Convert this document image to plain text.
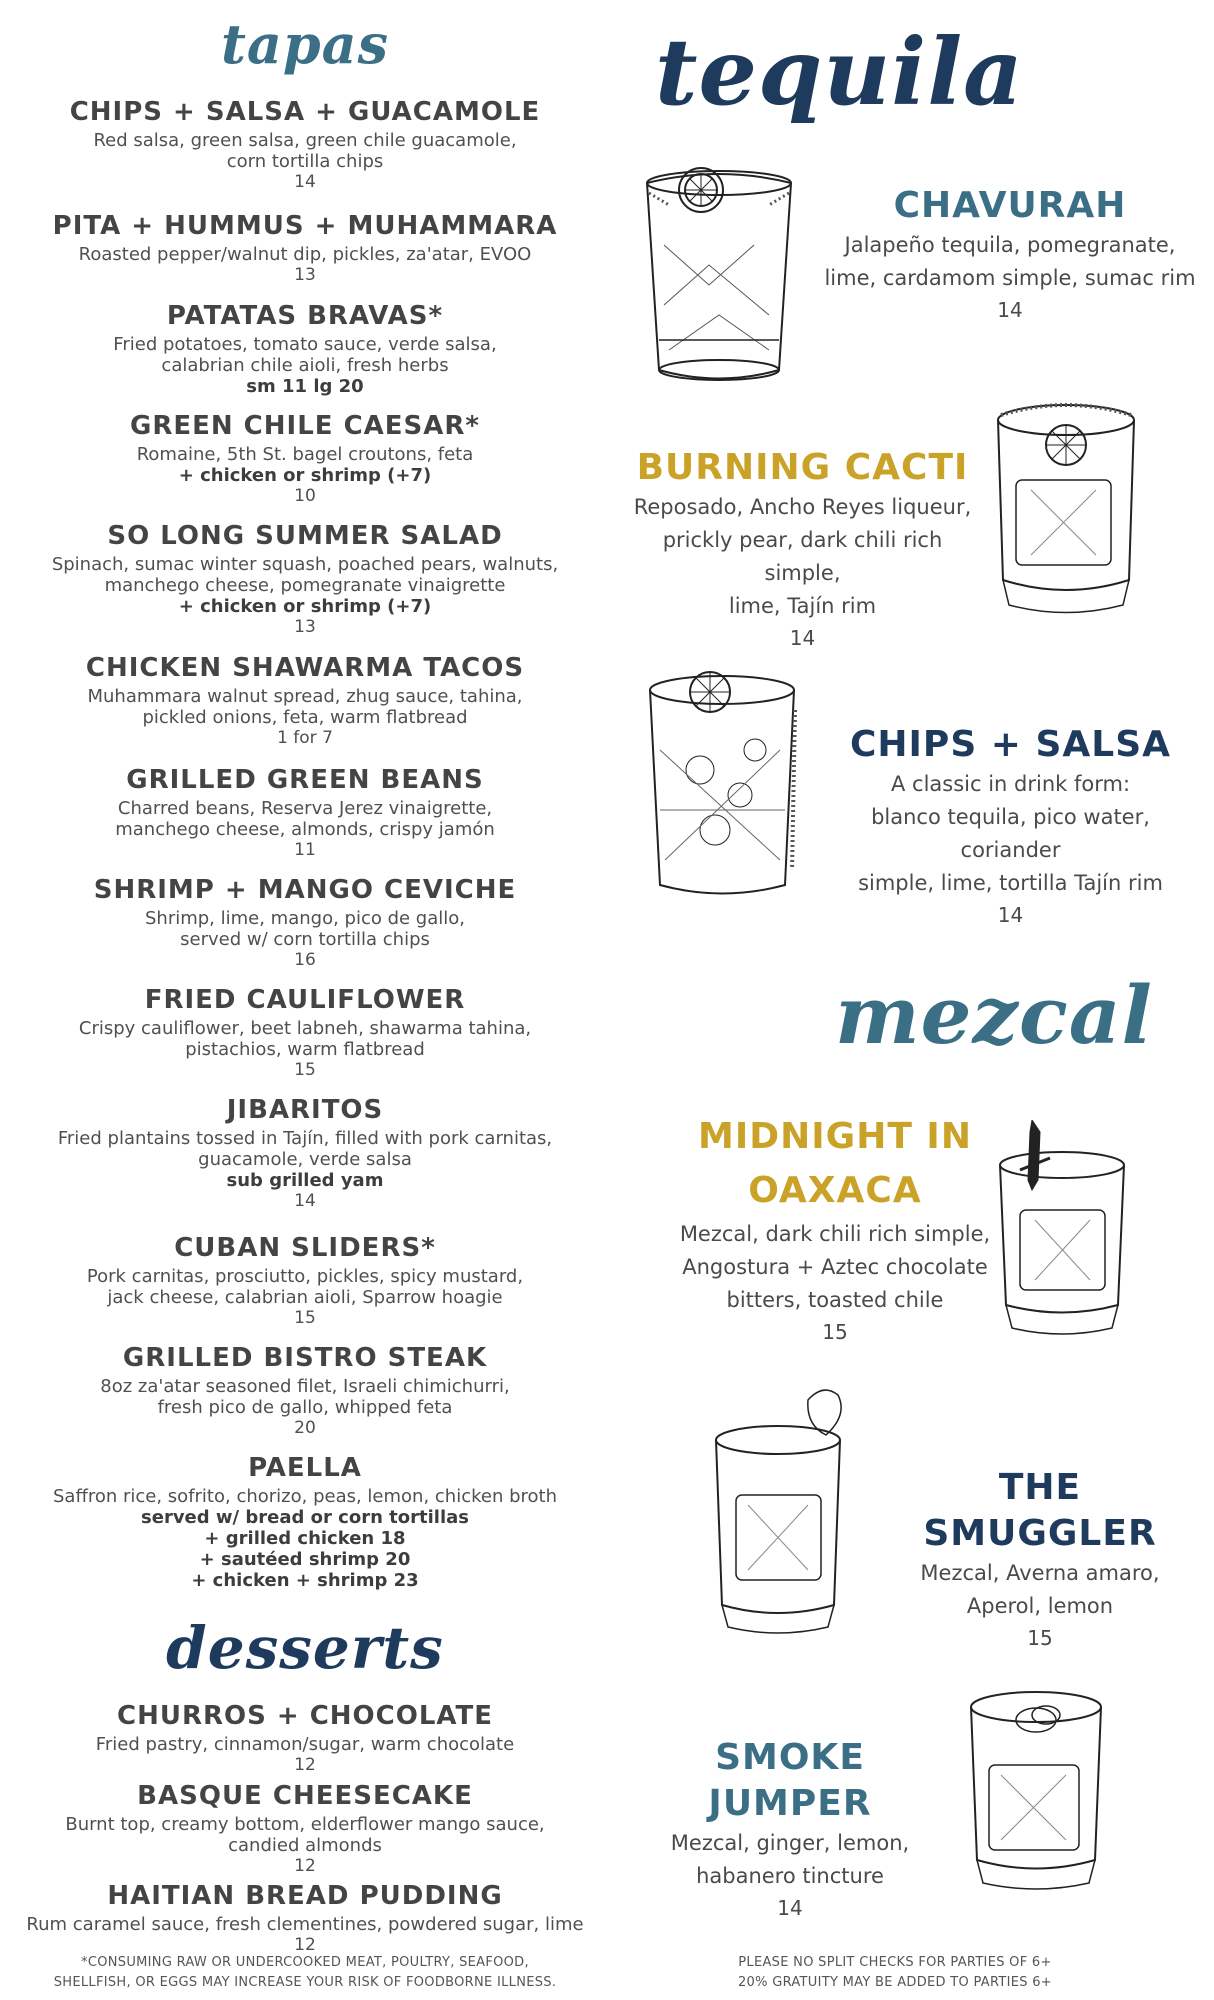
tapas
CHIPS + SALSA + GUACAMOLE
Red salsa, green salsa, green chile guacamole,
corn tortilla chips
14
PITA + HUMMUS + MUHAMMARA
Roasted pepper/walnut dip, pickles, za'atar, EVOO
13
PATATAS BRAVAS*
Fried potatoes, tomato sauce, verde salsa,
calabrian chile aioli, fresh herbs
sm 11 lg 20
GREEN CHILE CAESAR*
Romaine, 5th St. bagel croutons, feta
+ chicken or shrimp (+7)
10
SO LONG SUMMER SALAD
Spinach, sumac winter squash, poached pears, walnuts,
manchego cheese, pomegranate vinaigrette
+ chicken or shrimp (+7)
13
CHICKEN SHAWARMA TACOS
Muhammara walnut spread, zhug sauce, tahina,
pickled onions, feta, warm flatbread
1 for 7
GRILLED GREEN BEANS
Charred beans, Reserva Jerez vinaigrette,
manchego cheese, almonds, crispy jamón
11
SHRIMP + MANGO CEVICHE
Shrimp, lime, mango, pico de gallo,
served w/ corn tortilla chips
16
FRIED CAULIFLOWER
Crispy cauliflower, beet labneh, shawarma tahina,
pistachios, warm flatbread
15
JIBARITOS
Fried plantains tossed in Tajín, filled with pork carnitas,
guacamole, verde salsa
sub grilled yam
14
CUBAN SLIDERS*
Pork carnitas, prosciutto, pickles, spicy mustard,
jack cheese, calabrian aioli, Sparrow hoagie
15
GRILLED BISTRO STEAK
8oz za'atar seasoned filet, Israeli chimichurri,
fresh pico de gallo, whipped feta
20
PAELLA
Saffron rice, sofrito, chorizo, peas, lemon, chicken broth
served w/ bread or corn tortillas
+ grilled chicken 18
+ sautéed shrimp 20
+ chicken + shrimp 23
desserts
CHURROS + CHOCOLATE
Fried pastry, cinnamon/sugar, warm chocolate
12
BASQUE CHEESECAKE
Burnt top, creamy bottom, elderflower mango sauce,
candied almonds
12
HAITIAN BREAD PUDDING
Rum caramel sauce, fresh clementines, powdered sugar, lime
12
*CONSUMING RAW OR UNDERCOOKED MEAT, POULTRY, SEAFOOD,
SHELLFISH, OR EGGS MAY INCREASE YOUR RISK OF FOODBORNE ILLNESS.
tequila
CHAVURAH
Jalapeño tequila, pomegranate,
lime, cardamom simple, sumac rim
14
BURNING CACTI
Reposado, Ancho Reyes liqueur,
prickly pear, dark chili rich simple,
lime, Tajín rim
14
CHIPS + SALSA
A classic in drink form:
blanco tequila, pico water, coriander
simple, lime, tortilla Tajín rim
14
mezcal
MIDNIGHT IN
OAXACA
Mezcal, dark chili rich simple,
Angostura + Aztec chocolate
bitters, toasted chile
15
THE SMUGGLER
Mezcal, Averna amaro,
Aperol, lemon
15
SMOKE JUMPER
Mezcal, ginger, lemon,
habanero tincture
14
PLEASE NO SPLIT CHECKS FOR PARTIES OF 6+
20% GRATUITY MAY BE ADDED TO PARTIES 6+
